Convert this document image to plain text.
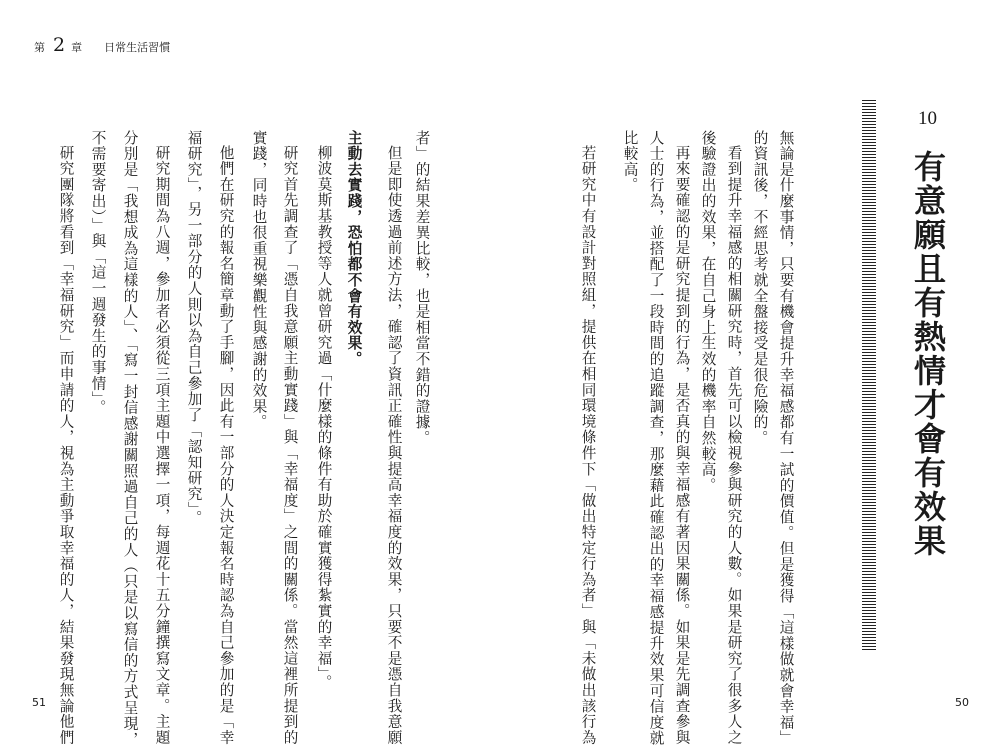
第 2 章 日常生活習慣
10
有意願且有熱情才會有效果
無論是什麼事情，只要有機會提升幸福感都有一試的價值。但是獲得「這樣做就會幸福」
的資訊後，不經思考就全盤接受是很危險的。
看到提升幸福感的相關研究時，首先可以檢視參與研究的人數。如果是研究了很多人之
後驗證出的效果，在自己身上生效的機率自然較高。
再來要確認的是研究提到的行為，是否真的與幸福感有著因果關係。如果是先調查參與
人士的行為，並搭配了一段時間的追蹤調查，那麼藉此確認出的幸福感提升效果可信度就
比較高。
若研究中有設計對照組，提供在相同環境條件下「做出特定行為者」與「未做出該行為
者」的結果差異比較，也是相當不錯的證據。
但是即使透過前述方法，確認了資訊正確性與提高幸福度的效果，只要不是憑自我意願
主動去實踐，恐怕都不會有效果。
柳波莫斯基教授等人就曾研究過「什麼樣的條件有助於確實獲得紮實的幸福」。
研究首先調查了「憑自我意願主動實踐」與「幸福度」之間的關係。當然這裡所提到的
實踐，同時也很重視樂觀性與感謝的效果。
他們在研究的報名簡章動了手腳，因此有一部分的人決定報名時認為自己參加的是「幸
福研究」，另一部分的人則以為自己參加了「認知研究」。
研究期間為八週，參加者必須從三項主題中選擇一項，每週花十五分鐘撰寫文章。主題
分別是「我想成為這樣的人」、「寫一封信感謝關照過自己的人（只是以寫信的方式呈現，
不需要寄出）」與「這一週發生的事情」。
研究團隊將看到「幸福研究」而申請的人，視為主動爭取幸福的人，結果發現無論他們
51	50
